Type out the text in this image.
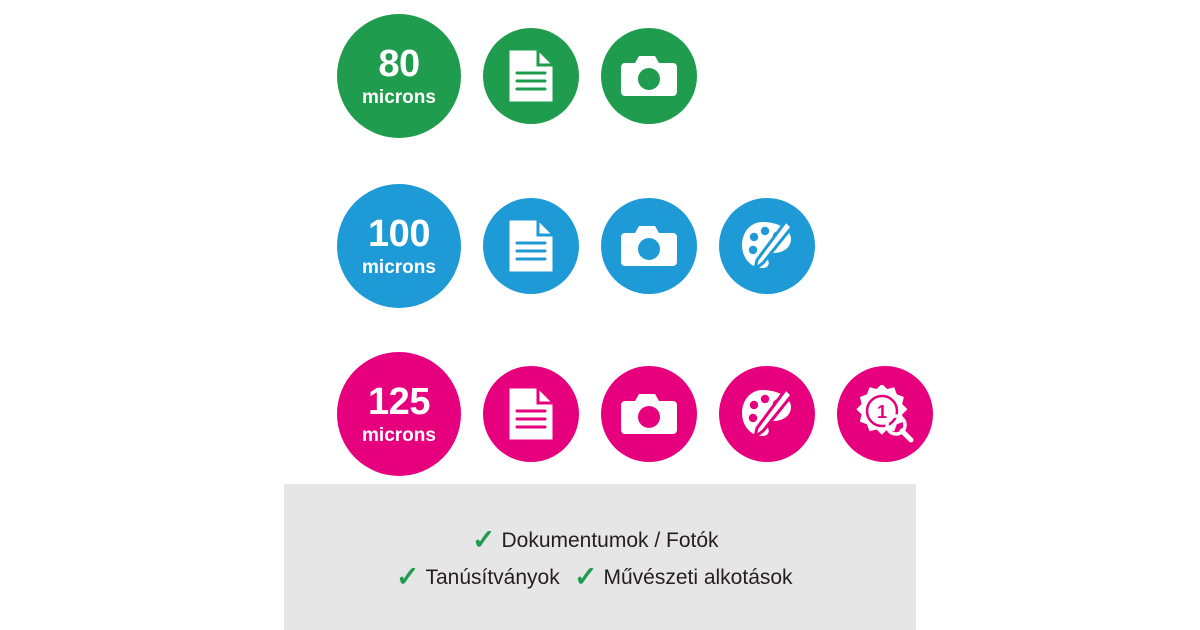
80
microns
100
microns
125
microns
1
✓ Dokumentumok / Fotók
✓ Tanúsítványok ✓ Művészeti alkotások
